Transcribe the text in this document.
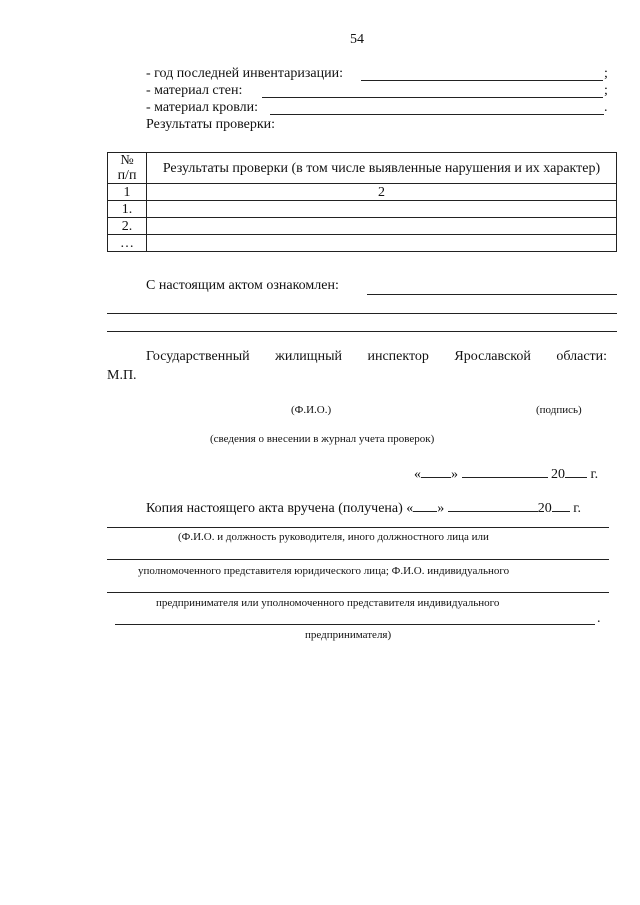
54
- год последней инвентаризации:	;
- материал стен:	;
- материал кровли:	.
Результаты проверки:
№
п/п	Результаты проверки (в том числе выявленные нарушения и их характер)
1	2
1.	
2.	
…	
С настоящим актом ознакомлен:
Государственный жилищный инспектор Ярославской области:
М.П.
(Ф.И.О.)	(подпись)
(сведения о внесении в журнал учета проверок)
« »	20 г.
Копия настоящего акта вручена (получена) « »	20 г.
(Ф.И.О. и должность руководителя, иного должностного лица или
уполномоченного представителя юридического лица; Ф.И.О. индивидуального
предпринимателя или уполномоченного представителя индивидуального
.
предпринимателя)
